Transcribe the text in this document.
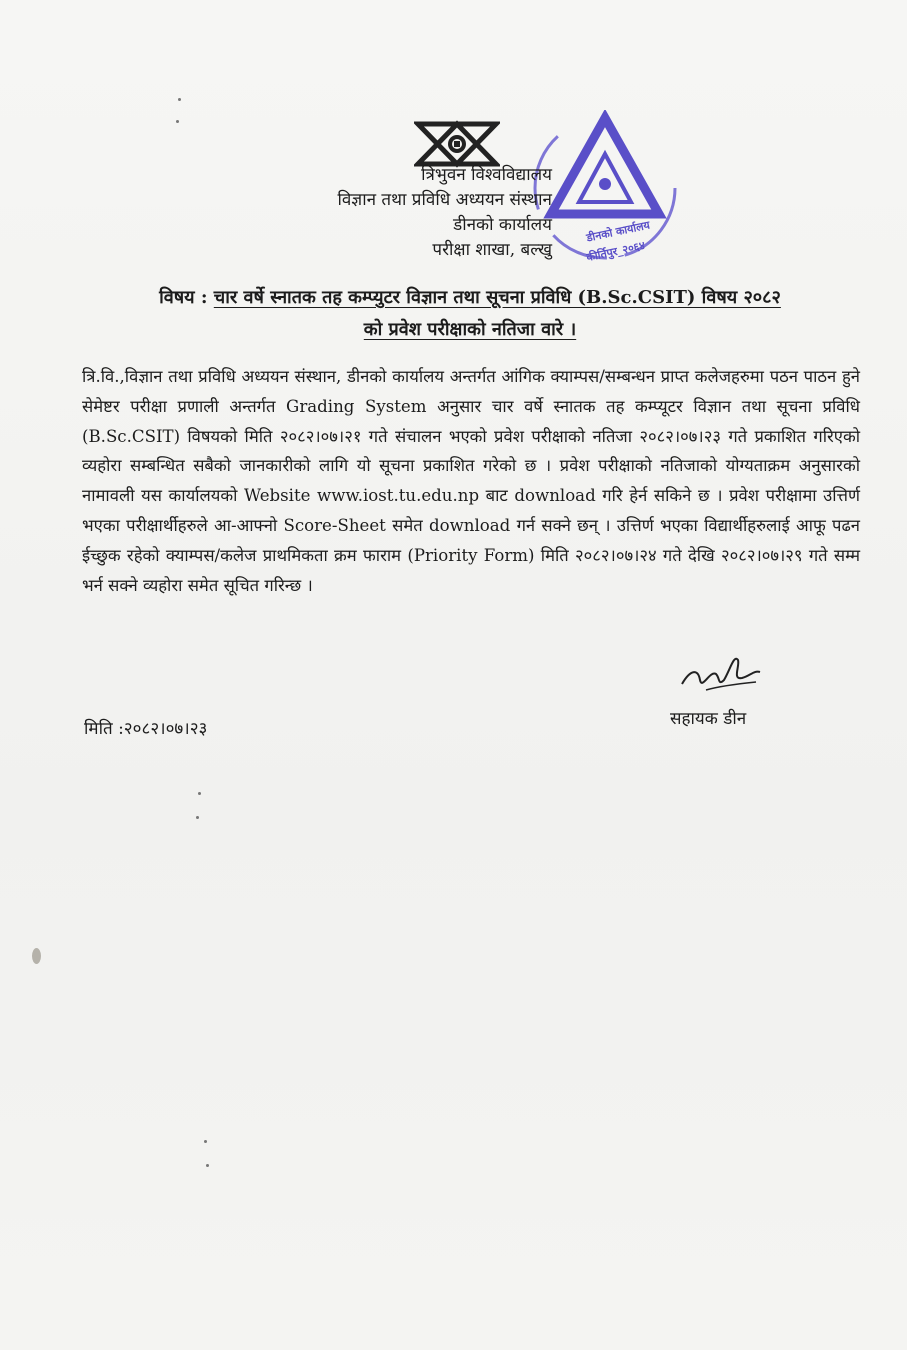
डीनको कार्यालय
कीर्तिपुर_२०६४
त्रिभुवन विश्वविद्यालय
विज्ञान तथा प्रविधि अध्ययन संस्थान
डीनको कार्यालय
परीक्षा शाखा, बल्खु
विषय : चार वर्षे स्नातक तह कम्प्युटर विज्ञान तथा सूचना प्रविधि (B.Sc.CSIT) विषय २०८२
को प्रवेश परीक्षाको नतिजा वारे ।
त्रि.वि.,विज्ञान तथा प्रविधि अध्ययन संस्थान, डीनको कार्यालय अन्तर्गत आंगिक क्याम्पस/सम्बन्धन प्राप्त कलेजहरुमा पठन पाठन हुने सेमेष्टर परीक्षा प्रणाली अन्तर्गत Grading System अनुसार चार वर्षे स्नातक तह कम्प्यूटर विज्ञान तथा सूचना प्रविधि (B.Sc.CSIT) विषयको मिति २०८२।०७।२१ गते संचालन भएको प्रवेश परीक्षाको नतिजा २०८२।०७।२३ गते प्रकाशित गरिएको व्यहोरा सम्बन्धित सबैको जानकारीको लागि यो सूचना प्रकाशित गरेको छ । प्रवेश परीक्षाको नतिजाको योग्यताक्रम अनुसारको नामावली यस कार्यालयको Website www.iost.tu.edu.np बाट download गरि हेर्न सकिने छ । प्रवेश परीक्षामा उत्तिर्ण भएका परीक्षार्थीहरुले आ-आफ्नो Score-Sheet समेत download गर्न सक्ने छन् । उत्तिर्ण भएका विद्यार्थीहरुलाई आफू पढन ईच्छुक रहेको क्याम्पस/कलेज प्राथमिकता क्रम फाराम (Priority Form) मिति २०८२।०७।२४ गते देखि २०८२।०७।२९ गते सम्म भर्न सक्ने व्यहोरा समेत सूचित गरिन्छ ।
सहायक डीन
मिति :२०८२।०७।२३
